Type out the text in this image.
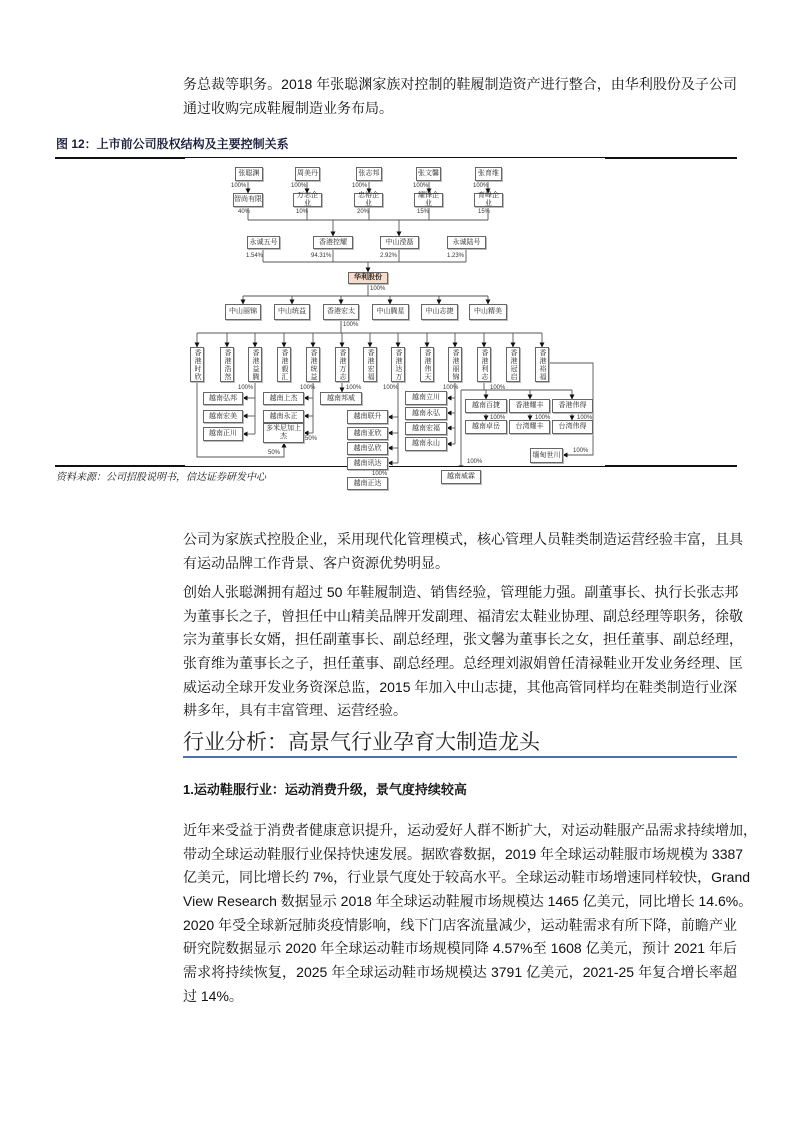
务总裁等职务。2018 年张聪渊家族对控制的鞋履制造资产进行整合，由华利股份及子公司
通过收购完成鞋履制造业务布局。
图 12：上市前公司股权结构及主要控制关系
张聪渊	周美丹	张志邦	张文馨	张育维
智尚有限
万志企业
忠裕企业
耀锋企业
育峰企业
永诚五号	香港控耀	中山滢磊	永诚陆号
华利股份
中山丽锦	中山统益	香港宏太	中山腾星	中山志捷	中山精美
越南弘邦
越南宏美
越南正川
越南上杰
越南永正
多米尼加上杰
越南邦威
越南联升
越南亚欣
越南弘欣
越南讯达
越南正达
越南立川
越南永弘
越南宏福
越南永山
越南百捷
越南卓岳
香港耀丰
台湾耀丰
香港伟得
台湾伟得
越南威霖
缅甸世川
香港时欣	香港浩然	香港益腾	香港毅汇	香港统益	香港万志	香港宏福	香港达万	香港伟天	香港丽锦	香港利志	香港冠启	香港裕福
100%	100%	100%	100%	100%
40%	10%	20%	15%	15%
1.54%	94.31%	2.92%	1.23%
100%
100%
100%	100%	100%	100%	100%	100%
50%
50%
100%
100%	100%	100%
100%
100%
资料来源：公司招股说明书，信达证券研发中心
公司为家族式控股企业，采用现代化管理模式，核心管理人员鞋类制造运营经验丰富，且具
有运动品牌工作背景、客户资源优势明显。
创始人张聪渊拥有超过 50 年鞋履制造、销售经验，管理能力强。副董事长、执行长张志邦
为董事长之子，曾担任中山精美品牌开发副理、福清宏太鞋业协理、副总经理等职务，徐敬
宗为董事长女婿，担任副董事长、副总经理，张文馨为董事长之女，担任董事、副总经理，
张育维为董事长之子，担任董事、副总经理。总经理刘淑娟曾任清禄鞋业开发业务经理、匡
威运动全球开发业务资深总监，2015 年加入中山志捷，其他高管同样均在鞋类制造行业深
耕多年，具有丰富管理、运营经验。
行业分析：高景气行业孕育大制造龙头
1.运动鞋服行业：运动消费升级，景气度持续较高
近年来受益于消费者健康意识提升，运动爱好人群不断扩大，对运动鞋服产品需求持续增加，
带动全球运动鞋服行业保持快速发展。据欧睿数据，2019 年全球运动鞋服市场规模为 3387
亿美元，同比增长约 7%，行业景气度处于较高水平。全球运动鞋市场增速同样较快，Grand
View Research 数据显示 2018 年全球运动鞋履市场规模达 1465 亿美元，同比增长 14.6%。
2020 年受全球新冠肺炎疫情影响，线下门店客流量减少，运动鞋需求有所下降，前瞻产业
研究院数据显示 2020 年全球运动鞋市场规模同降 4.57%至 1608 亿美元，预计 2021 年后
需求将持续恢复，2025 年全球运动鞋市场规模达 3791 亿美元，2021-25 年复合增长率超
过 14%。
